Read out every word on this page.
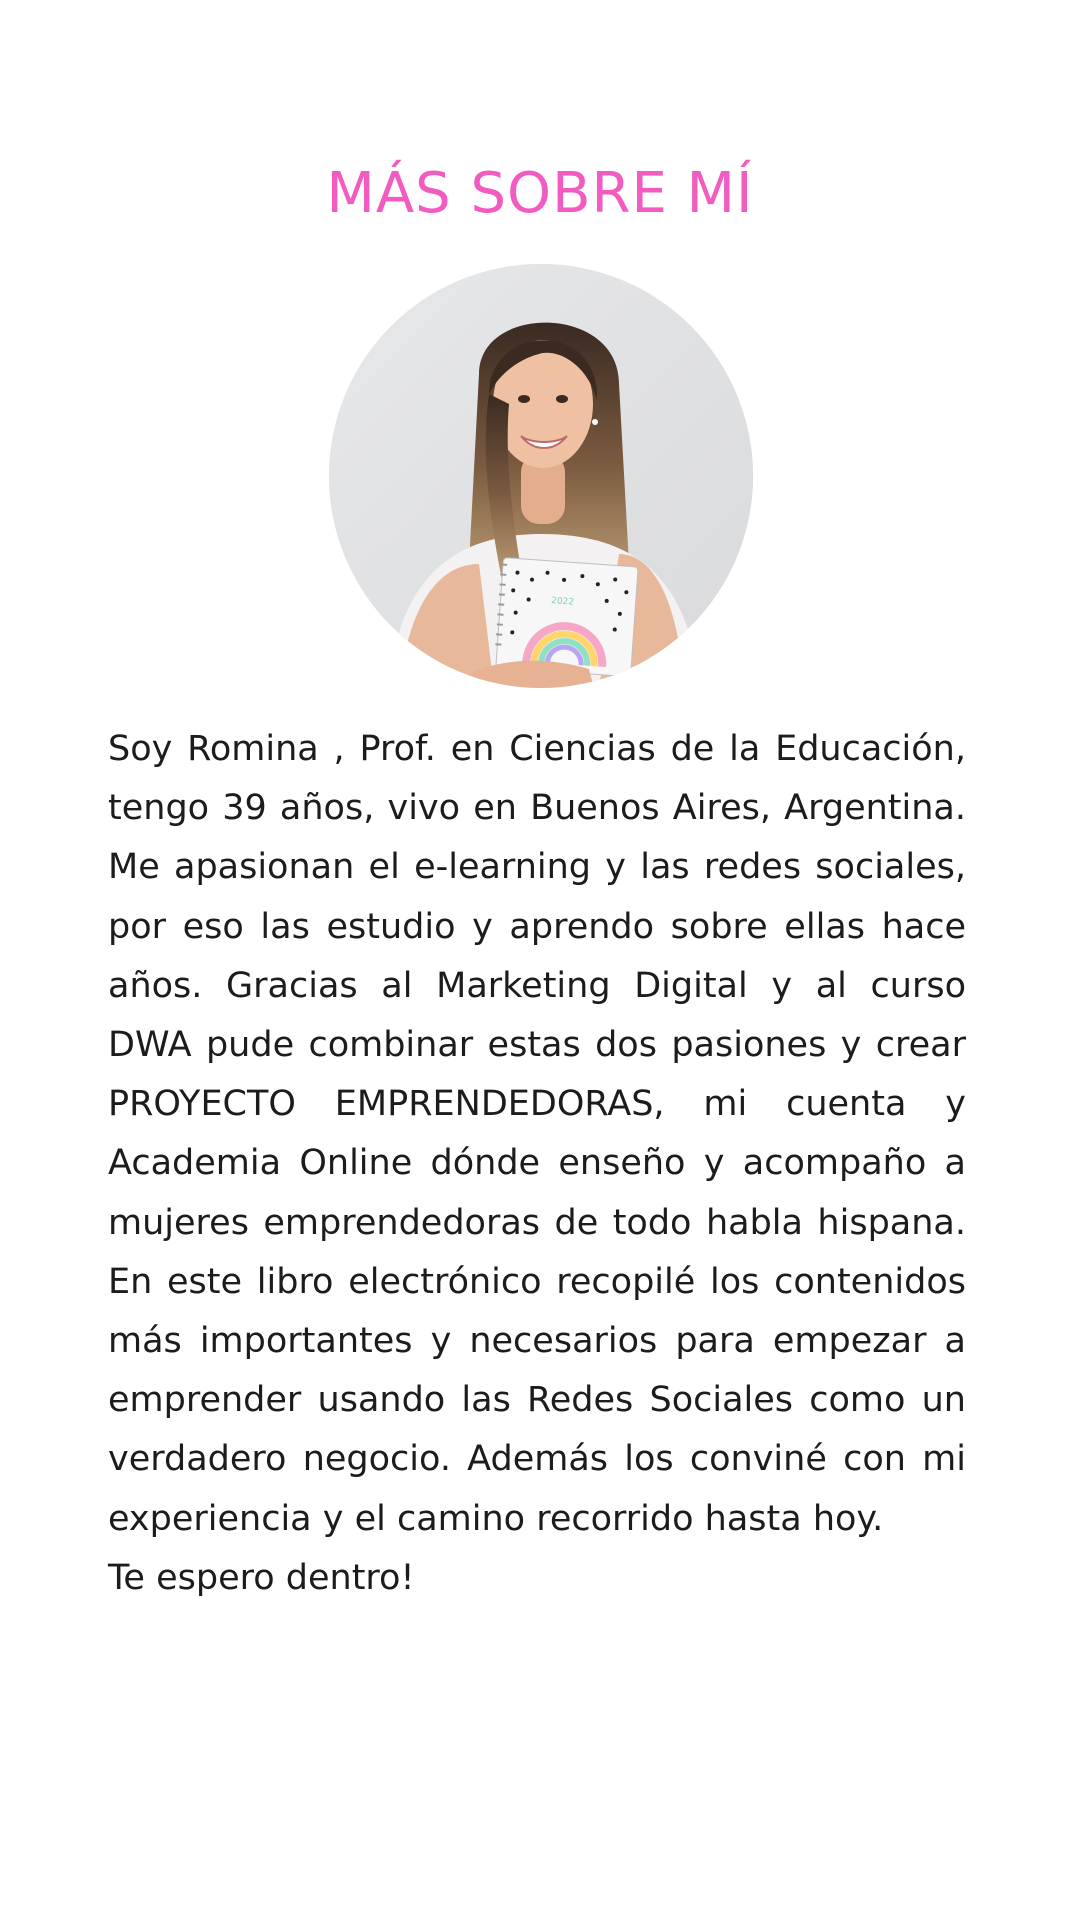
MÁS SOBRE MÍ
2022

Soy Romina , Prof. en Ciencias de la Educación, tengo 39 años, vivo en Buenos Aires, Argentina. Me apasionan el e-learning y las redes sociales, por eso las estudio y aprendo sobre ellas hace años. Gracias al Marketing Digital y al curso DWA pude combinar estas dos pasiones y crear PROYECTO EMPRENDEDORAS, mi cuenta y Academia Online dónde enseño y acompaño a mujeres emprendedoras de todo habla hispana. En este libro electrónico recopilé los contenidos más importantes y necesarios para empezar a emprender usando las Redes Sociales como un verdadero negocio. Además los conviné con mi experiencia y el camino recorrido hasta hoy.

Te espero dentro!
